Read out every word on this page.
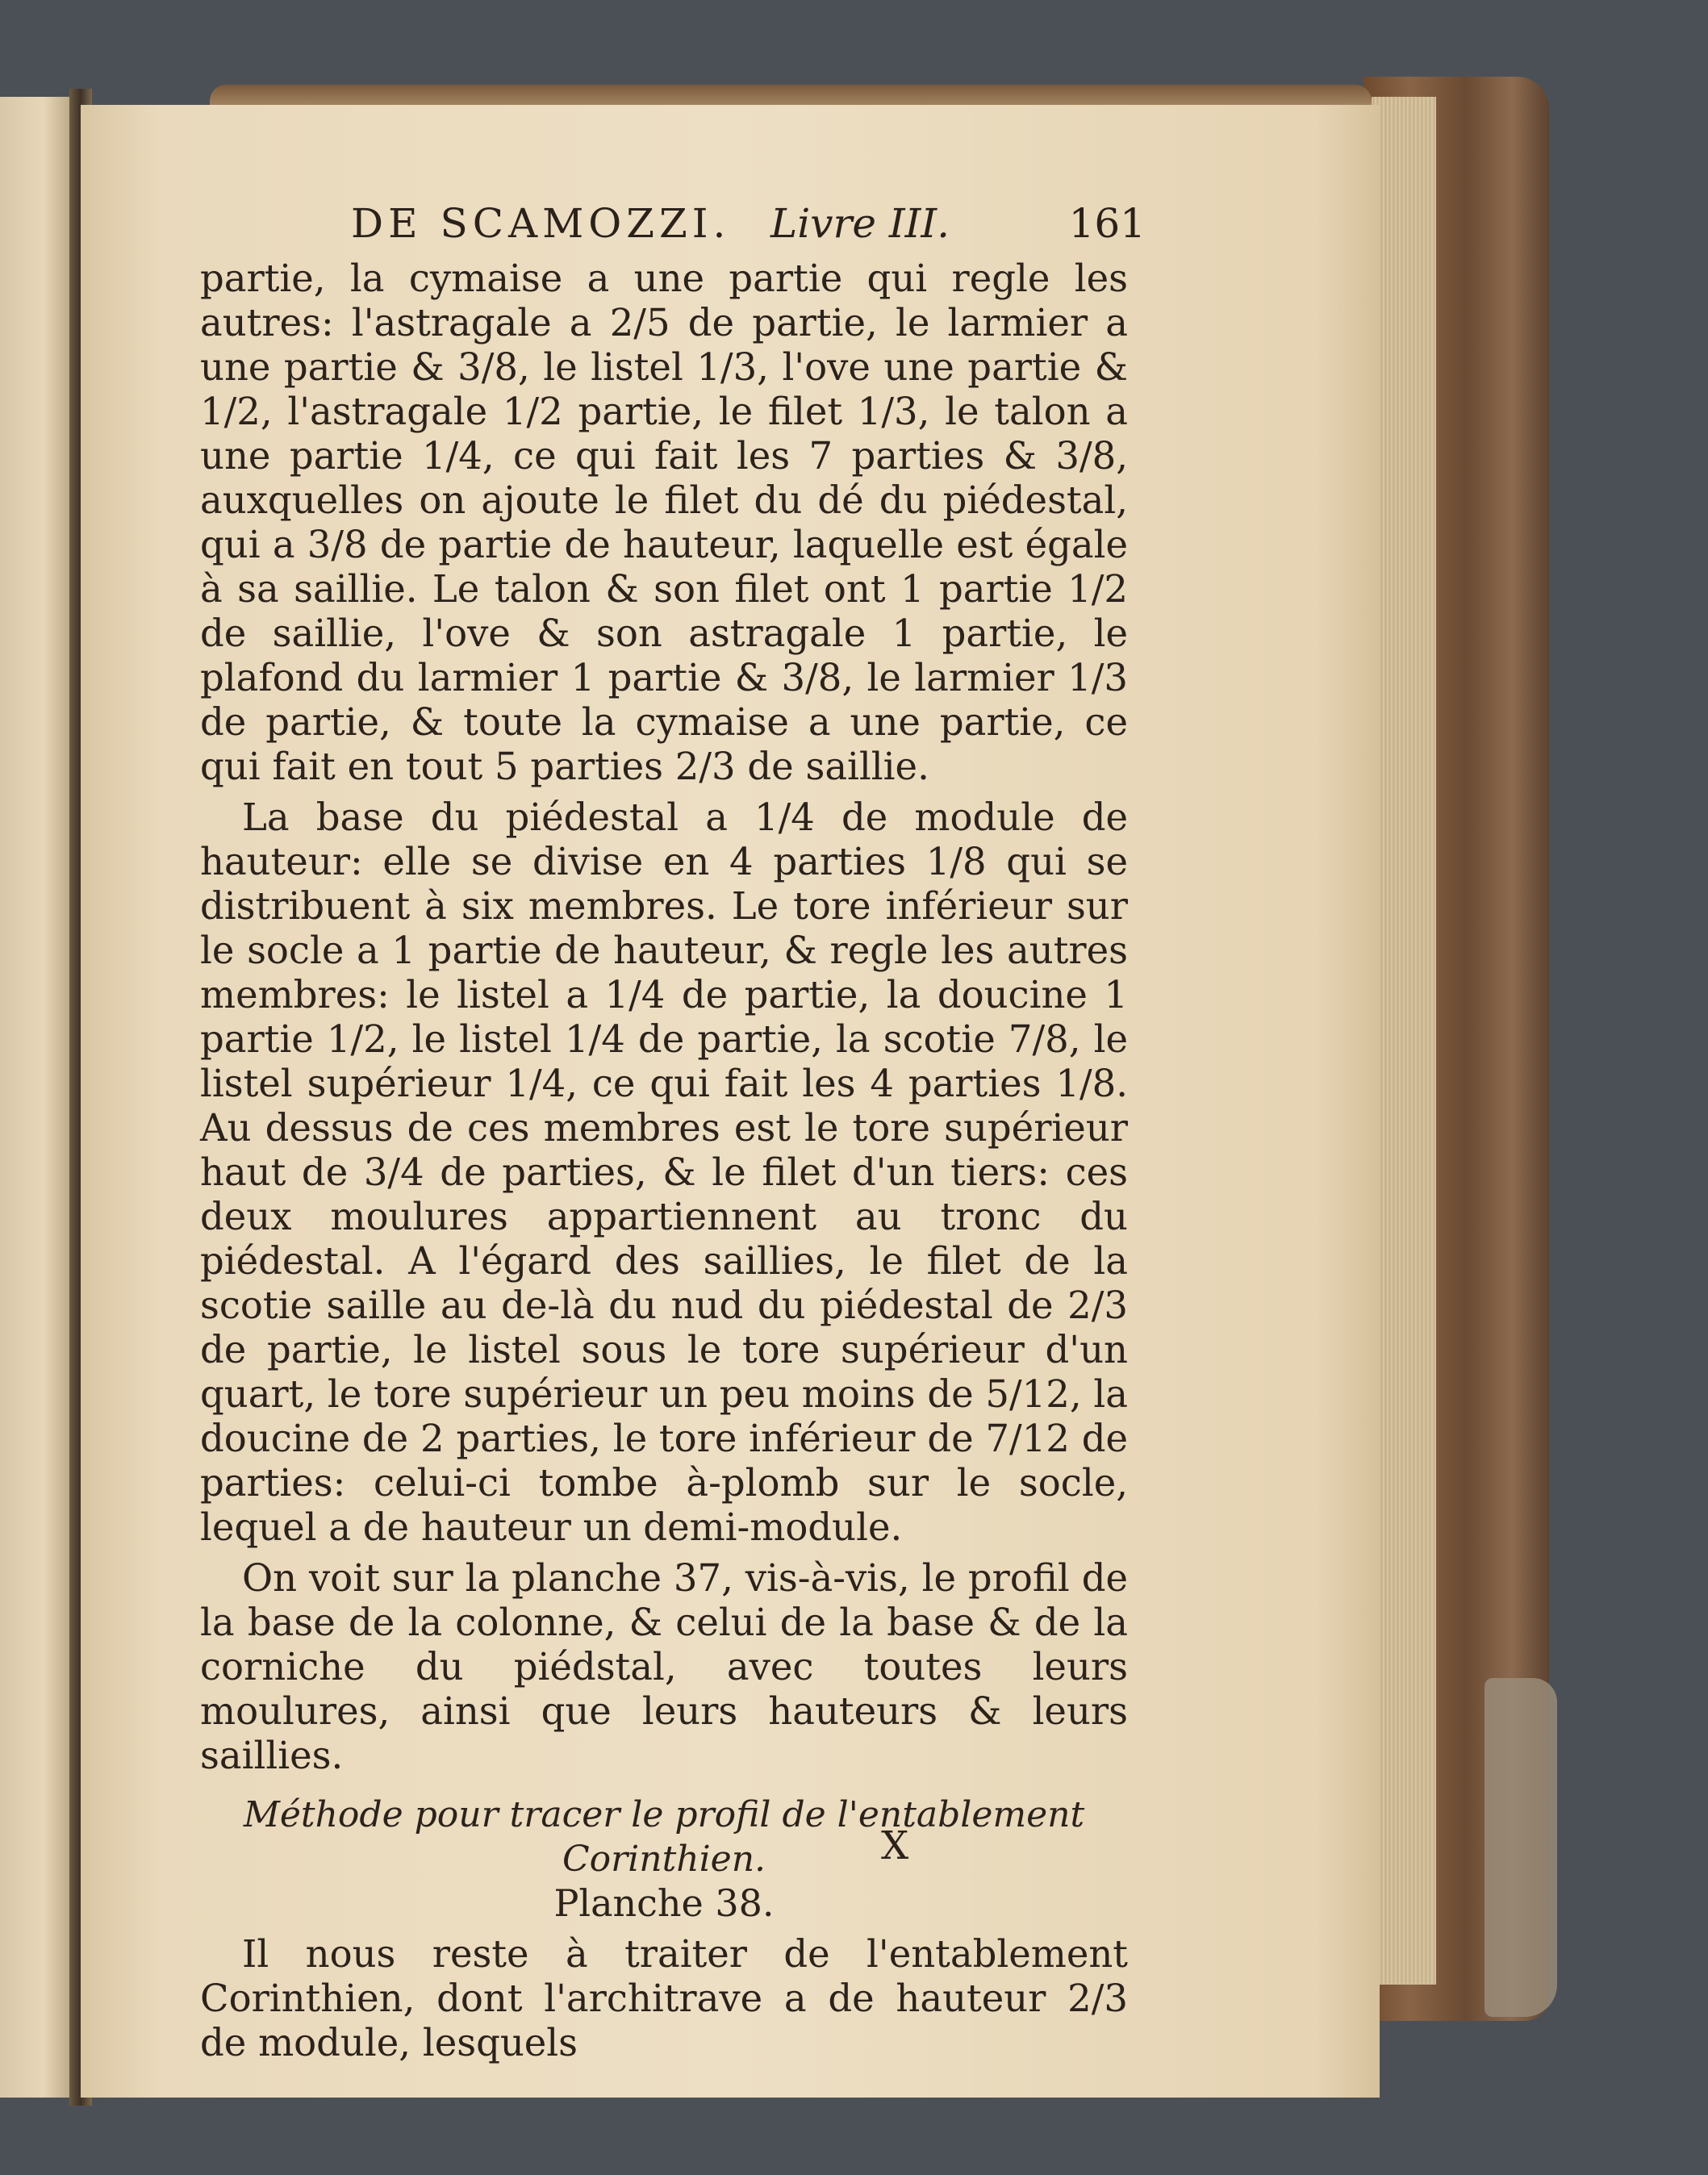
DE SCAMOZZI. Livre III.	161

partie, la cymaise a une partie qui regle les autres: l'astragale a 2/5 de partie, le larmier a une partie & 3/8, le listel 1/3, l'ove une partie & 1/2, l'astragale 1/2 partie, le filet 1/3, le talon a une partie 1/4, ce qui fait les 7 parties & 3/8, auxquelles on ajoute le filet du dé du piédestal, qui a 3/8 de partie de hauteur, laquelle est égale à sa saillie. Le talon & son filet ont 1 partie 1/2 de saillie, l'ove & son astragale 1 partie, le plafond du larmier 1 partie & 3/8, le larmier 1/3 de partie, & toute la cymaise a une partie, ce qui fait en tout 5 parties 2/3 de saillie.

La base du piédestal a 1/4 de module de hauteur: elle se divise en 4 parties 1/8 qui se distribuent à six membres. Le tore inférieur sur le socle a 1 partie de hauteur, & regle les autres membres: le listel a 1/4 de partie, la doucine 1 partie 1/2, le listel 1/4 de partie, la scotie 7/8, le listel supérieur 1/4, ce qui fait les 4 parties 1/8. Au dessus de ces membres est le tore supérieur haut de 3/4 de parties, & le filet d'un tiers: ces deux moulures appartiennent au tronc du piédestal. A l'égard des saillies, le filet de la scotie saille au de-là du nud du piédestal de 2/3 de partie, le listel sous le tore supérieur d'un quart, le tore supérieur un peu moins de 5/12, la doucine de 2 parties, le tore inférieur de 7/12 de parties: celui-ci tombe à-plomb sur le socle, lequel a de hauteur un demi-module.

On voit sur la planche 37, vis-à-vis, le profil de la base de la colonne, & celui de la base & de la corniche du piédstal, avec toutes leurs moulures, ainsi que leurs hauteurs & leurs saillies.

Méthode pour tracer le profil de l'entablement Corinthien.

Planche 38.

Il nous reste à traiter de l'entablement Corinthien, dont l'architrave a de hauteur 2/3 de module, lesquels

X
